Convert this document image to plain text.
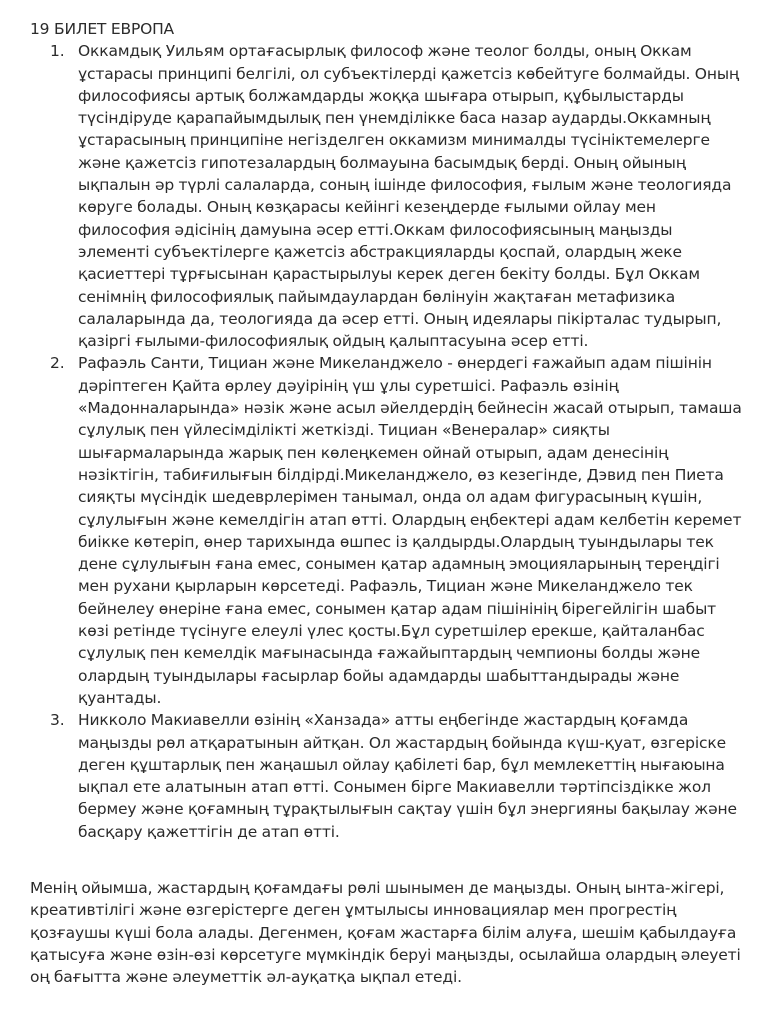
19 БИЛЕТ ЕВРОПА
1. Оккамдық Уильям ортағасырлық философ және теолог болды, оның Оккам ұстарасы принципі белгілі, ол субъектілерді қажетсіз көбейтуге болмайды. Оның философиясы артық болжамдарды жоққа шығара отырып, құбылыстарды түсіндіруде қарапайымдылық пен үнемділікке баса назар аударды.Оккамның ұстарасының принципіне негізделген оккамизм минималды түсініктемелерге және қажетсіз гипотезалардың болмауына басымдық берді. Оның ойының ықпалын әр түрлі салаларда, соның ішінде философия, ғылым және теологияда көруге болады. Оның көзқарасы кейінгі кезеңдерде ғылыми ойлау мен философия әдісінің дамуына әсер етті.Оккам философиясының маңызды элементі субъектілерге қажетсіз абстракцияларды қоспай, олардың жеке қасиеттері тұрғысынан қарастырылуы керек деген бекіту болды. Бұл Оккам сенімнің философиялық пайымдаулардан бөлінуін жақтаған метафизика салаларында да, теологияда да әсер етті. Оның идеялары пікірталас тудырып, қазіргі ғылыми-философиялық ойдың қалыптасуына әсер етті.
2. Рафаэль Санти, Тициан және Микеланджело - өнердегі ғажайып адам пішінін дәріптеген Қайта өрлеу дәуірінің үш ұлы суретшісі. Рафаэль өзінің «Мадонналарында» нәзік және асыл әйелдердің бейнесін жасай отырып, тамаша сұлулық пен үйлесімділікті жеткізді. Тициан «Венералар» сияқты шығармаларында жарық пен көлеңкемен ойнай отырып, адам денесінің нәзіктігін, табиғилығын білдірді.Микеланджело, өз кезегінде, Дэвид пен Пиета сияқты мүсіндік шедеврлерімен танымал, онда ол адам фигурасының күшін, сұлулығын және кемелдігін атап өтті. Олардың еңбектері адам келбетін керемет биікке көтеріп, өнер тарихында өшпес із қалдырды.Олардың туындылары тек дене сұлулығын ғана емес, сонымен қатар адамның эмоцияларының тереңдігі мен рухани қырларын көрсетеді. Рафаэль, Тициан және Микеланджело тек бейнелеу өнеріне ғана емес, сонымен қатар адам пішінінің бірегейлігін шабыт көзі ретінде түсінуге елеулі үлес қосты.Бұл суретшілер ерекше, қайталанбас сұлулық пен кемелдік мағынасында ғажайыптардың чемпионы болды және олардың туындылары ғасырлар бойы адамдарды шабыттандырады және қуантады.
3. Никколо Макиавелли өзінің «Ханзада» атты еңбегінде жастардың қоғамда маңызды рөл атқаратынын айтқан. Ол жастардың бойында күш-қуат, өзгеріске деген құштарлық пен жаңашыл ойлау қабілеті бар, бұл мемлекеттің нығаюына ықпал ете алатынын атап өтті. Сонымен бірге Макиавелли тәртіпсіздікке жол бермеу және қоғамның тұрақтылығын сақтау үшін бұл энергияны бақылау және басқару қажеттігін де атап өтті.

Менің ойымша, жастардың қоғамдағы рөлі шынымен де маңызды. Оның ынта-жігері, креативтілігі және өзгерістерге деген ұмтылысы инновациялар мен прогрестің қозғаушы күші бола алады. Дегенмен, қоғам жастарға білім алуға, шешім қабылдауға қатысуға және өзін-өзі көрсетуге мүмкіндік беруі маңызды, осылайша олардың әлеуеті оң бағытта және әлеуметтік әл-ауқатқа ықпал етеді.
